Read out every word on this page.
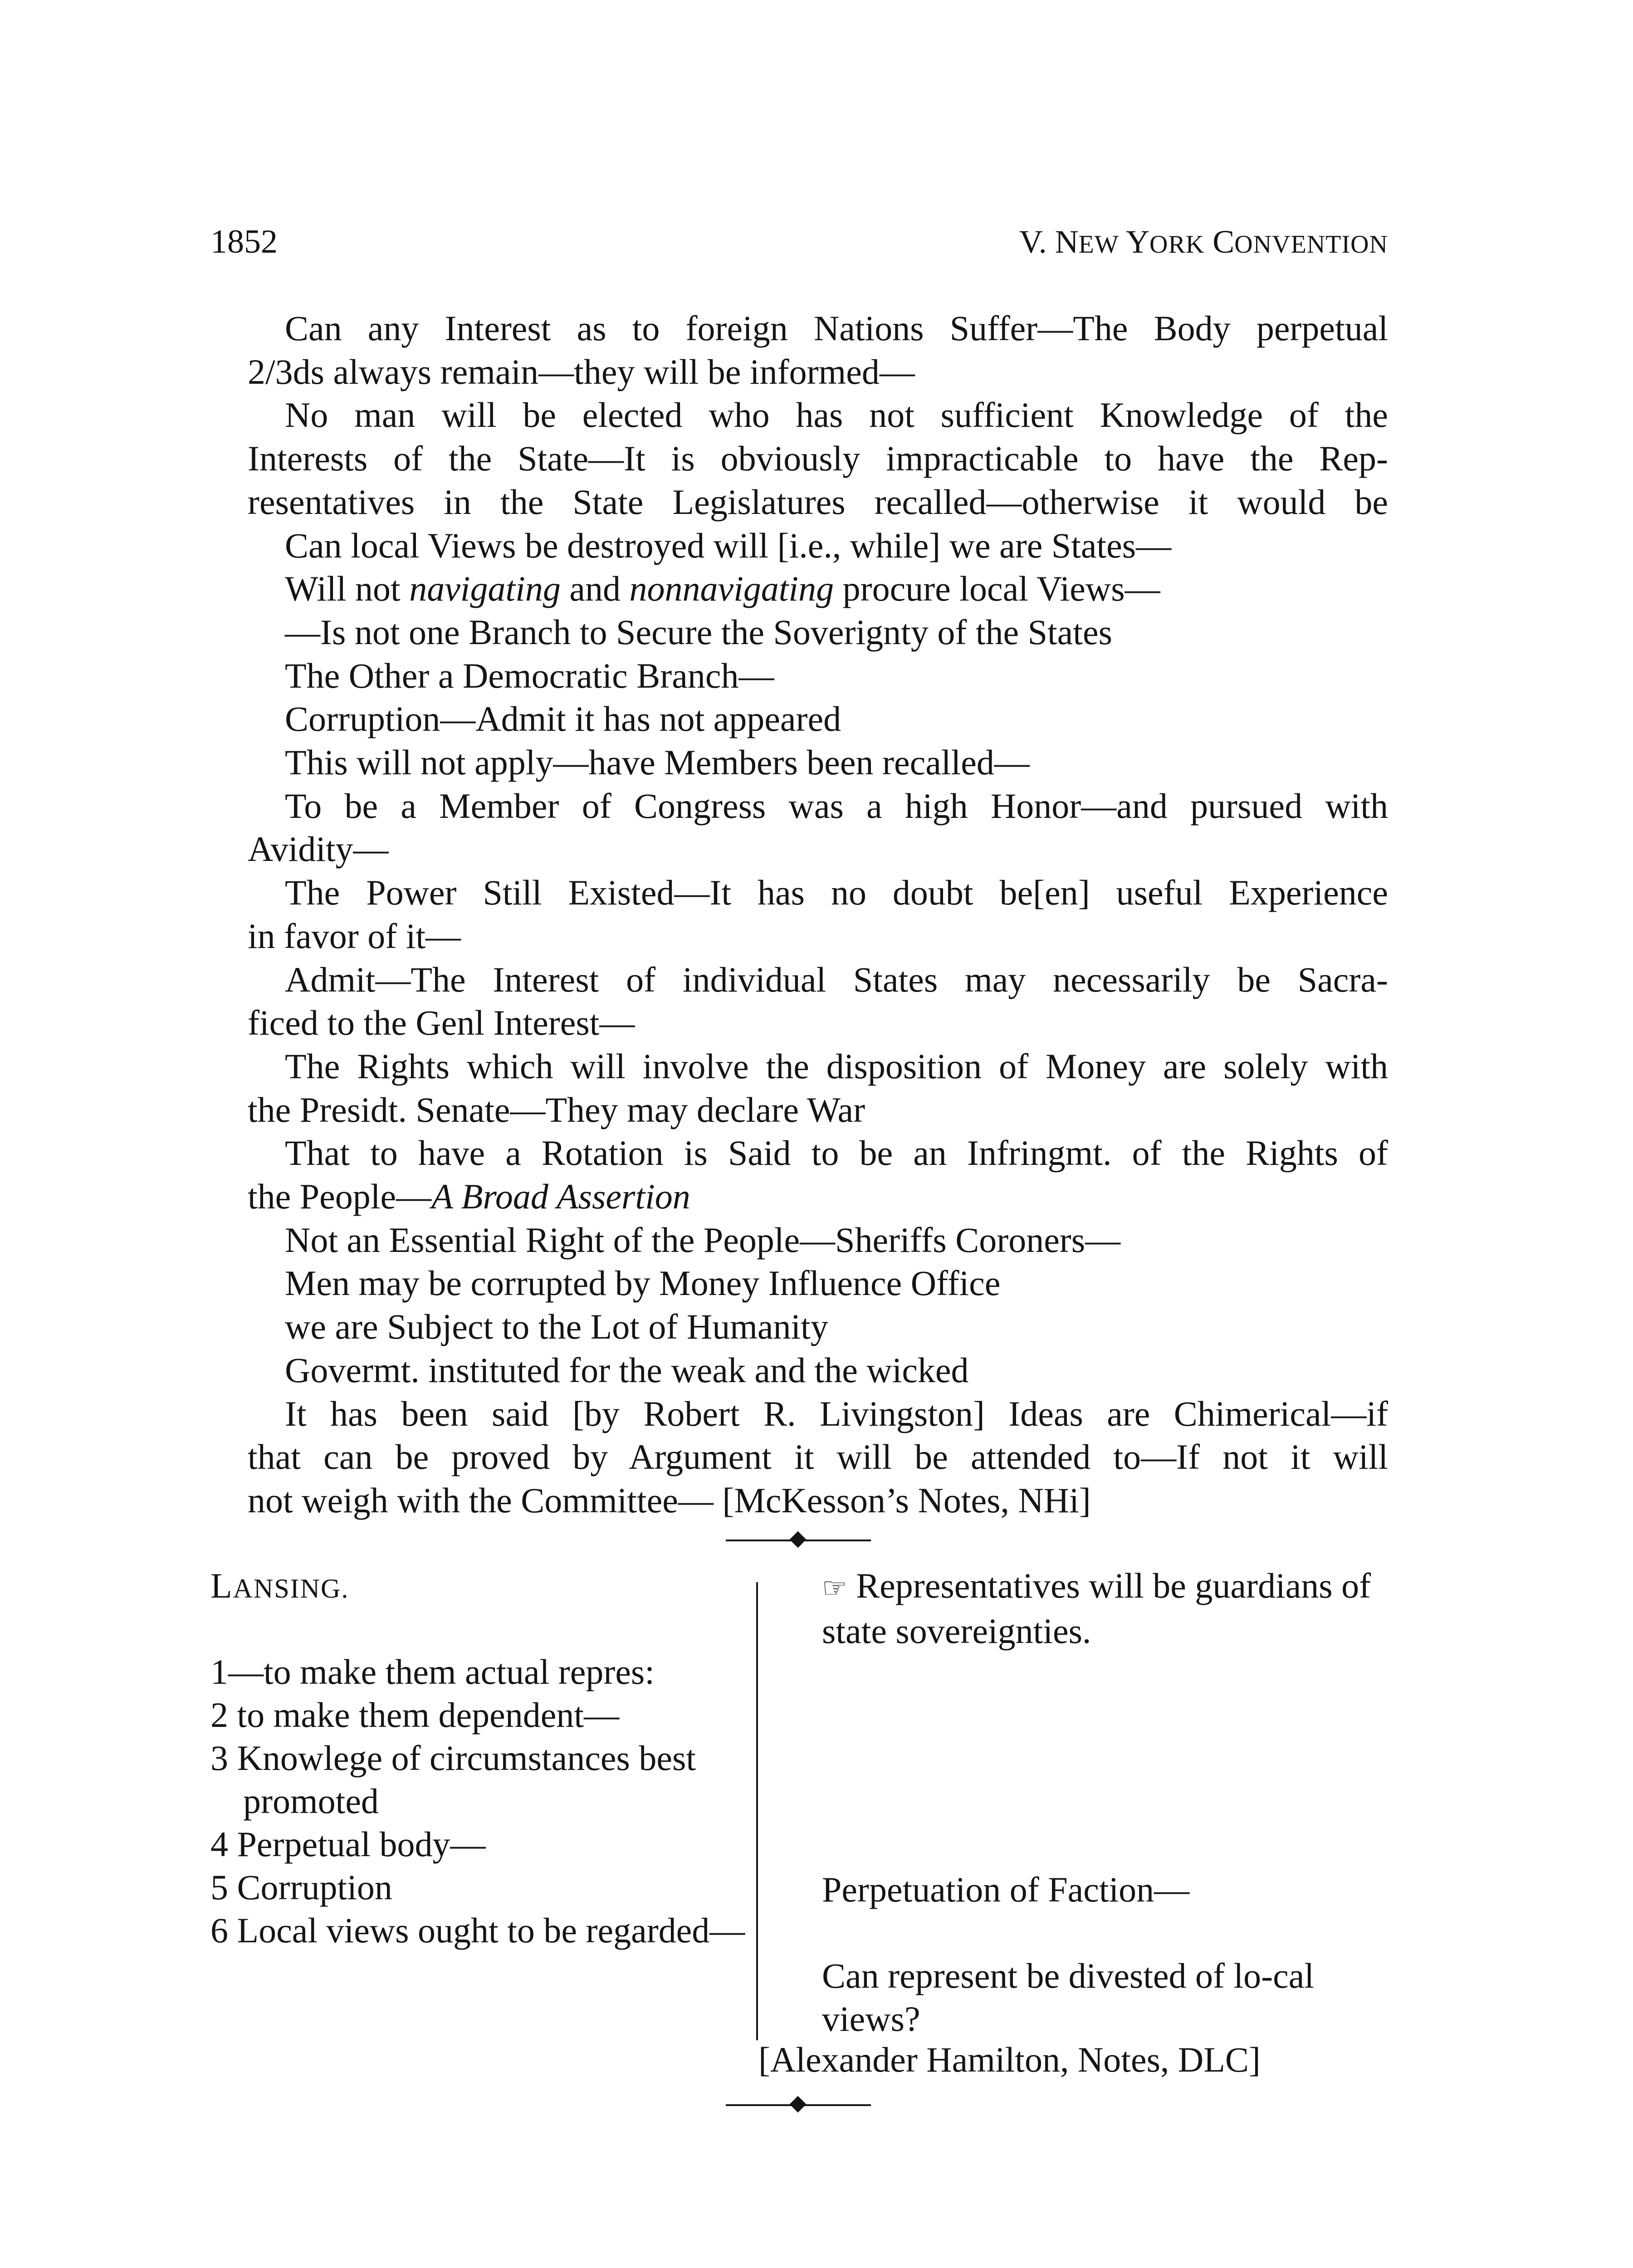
1852	V. NEW YORK CONVENTION
Can any Interest as to foreign Nations Suffer—The Body perpetual
2/3ds always remain—they will be informed—
No man will be elected who has not sufficient Knowledge of the
Interests of the State—It is obviously impracticable to have the Rep-
resentatives in the State Legislatures recalled—otherwise it would be
Can local Views be destroyed will [i.e., while] we are States—
Will not navigating and nonnavigating procure local Views—
—Is not one Branch to Secure the Soverignty of the States
The Other a Democratic Branch—
Corruption—Admit it has not appeared
This will not apply—have Members been recalled—
To be a Member of Congress was a high Honor—and pursued with
Avidity—
The Power Still Existed—It has no doubt be[en] useful Experience
in favor of it—
Admit—The Interest of individual States may necessarily be Sacra-
ficed to the Genl Interest—
The Rights which will involve the disposition of Money are solely with
the Presidt. Senate—They may declare War
That to have a Rotation is Said to be an Infringmt. of the Rights of
the People—A Broad Assertion
Not an Essential Right of the People—Sheriffs Coroners—
Men may be corrupted by Money Influence Office
we are Subject to the Lot of Humanity
Govermt. instituted for the weak and the wicked
It has been said [by Robert R. Livingston] Ideas are Chimerical—if
that can be proved by Argument it will be attended to—If not it will
not weigh with the Committee— [McKesson’s Notes, NHi]
LANSING.
1—to make them actual repres:
2 to make them dependent—
3 Knowlege of circumstances best promoted
4 Perpetual body—
5 Corruption
6 Local views ought to be regarded—
☞ Representatives will be guardians of state sovereignties.
Perpetuation of Faction—
Can represent be divested of lo-cal views?
[Alexander Hamilton, Notes, DLC]
